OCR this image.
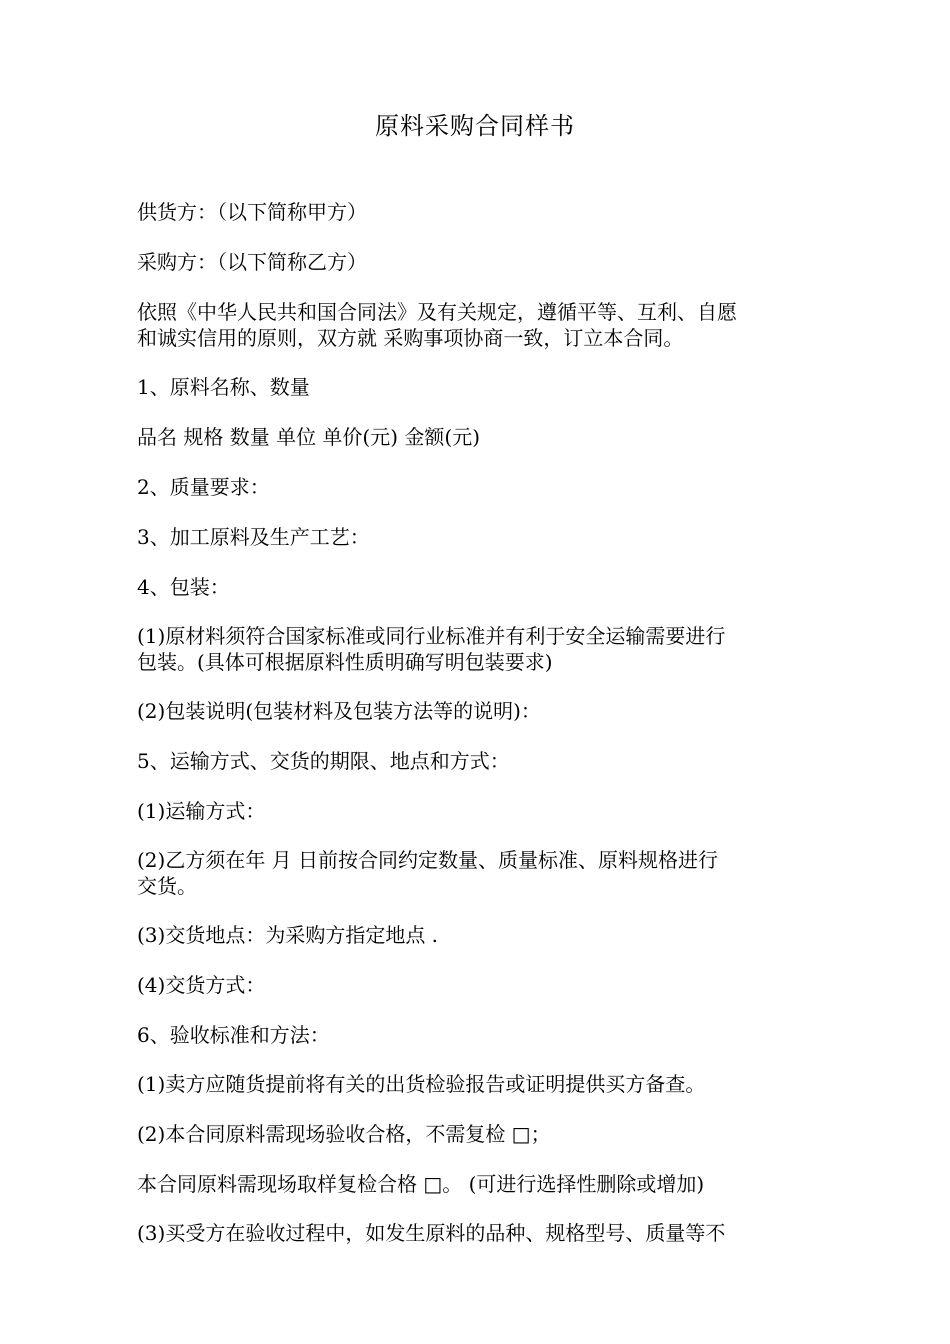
原料采购合同样书
供货方：（以下简称甲方）
采购方：（以下简称乙方）
依照《中华人民共和国合同法》及有关规定，遵循平等、互利、自愿
和诚实信用的原则，双方就 采购事项协商一致，订立本合同。
1、原料名称、数量
品名 规格 数量 单位 单价(元) 金额(元)
2、质量要求：
3、加工原料及生产工艺：
4、包装：
(1)原材料须符合国家标准或同行业标准并有利于安全运输需要进行
包装。(具体可根据原料性质明确写明包装要求)
(2)包装说明(包装材料及包装方法等的说明)：
5、运输方式、交货的期限、地点和方式：
(1)运输方式：
(2)乙方须在年 月 日前按合同约定数量、质量标准、原料规格进行
交货。
(3)交货地点：为采购方指定地点 .
(4)交货方式：
6、验收标准和方法：
(1)卖方应随货提前将有关的出货检验报告或证明提供买方备查。
(2)本合同原料需现场验收合格，不需复检 □；
本合同原料需现场取样复检合格 □。 (可进行选择性删除或增加)
(3)买受方在验收过程中，如发生原料的品种、规格型号、质量等不
